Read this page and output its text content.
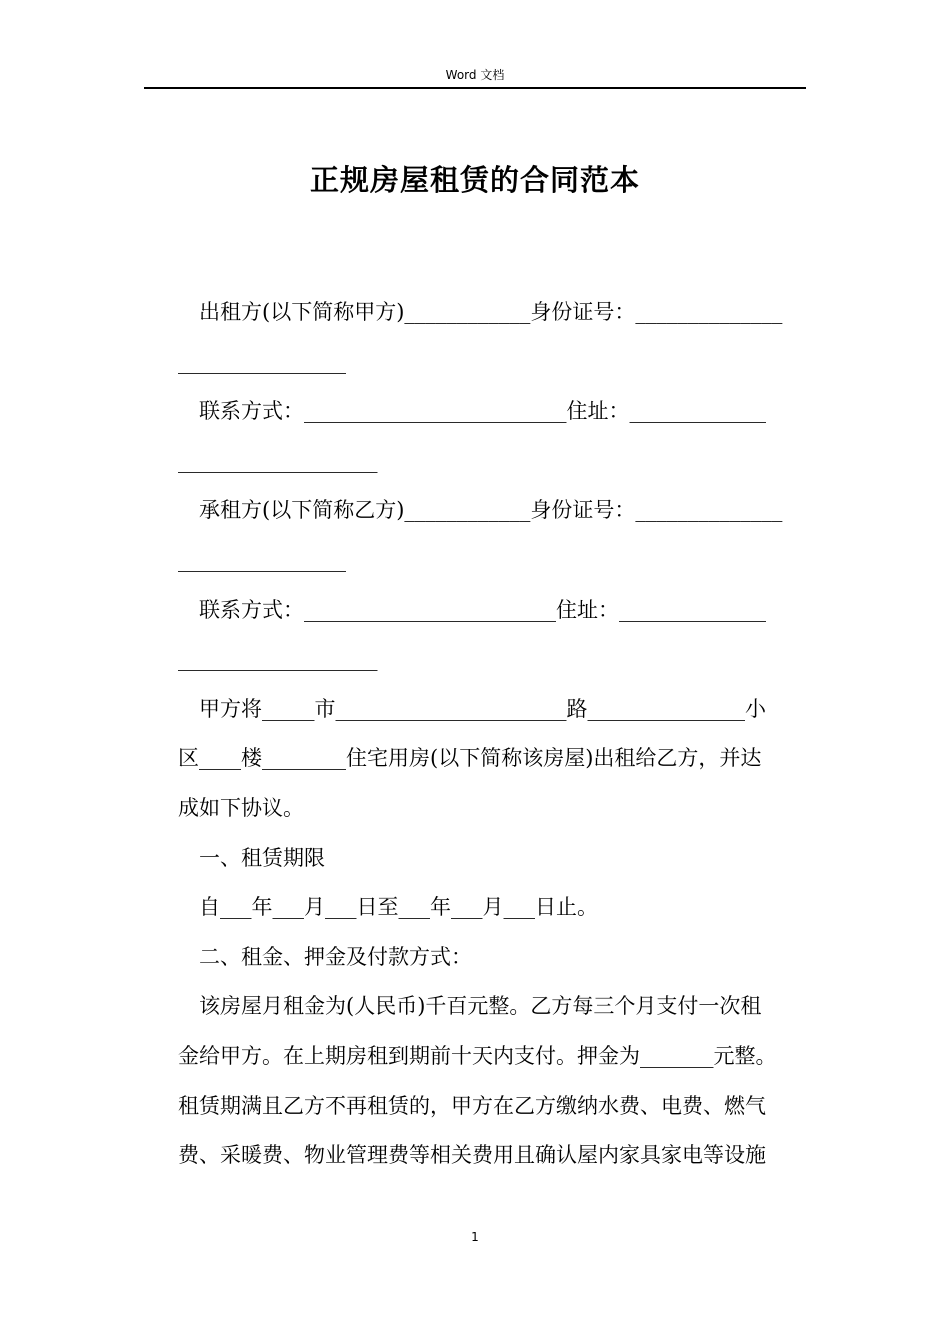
Word 文档
正规房屋租赁的合同范本
出租方(以下简称甲方)____________身份证号：______________
________________
联系方式：_________________________住址：_____________
___________________
承租方(以下简称乙方)____________身份证号：______________
________________
联系方式：________________________住址：______________
___________________
甲方将_____市______________________路_______________小
区____楼________住宅用房(以下简称该房屋)出租给乙方，并达
成如下协议。
一、租赁期限
自___年___月___日至___年___月___日止。
二、租金、押金及付款方式：
该房屋月租金为(人民币)千百元整。乙方每三个月支付一次租
金给甲方。在上期房租到期前十天内支付。押金为_______元整。
租赁期满且乙方不再租赁的，甲方在乙方缴纳水费、电费、燃气
费、采暖费、物业管理费等相关费用且确认屋内家具家电等设施
1
